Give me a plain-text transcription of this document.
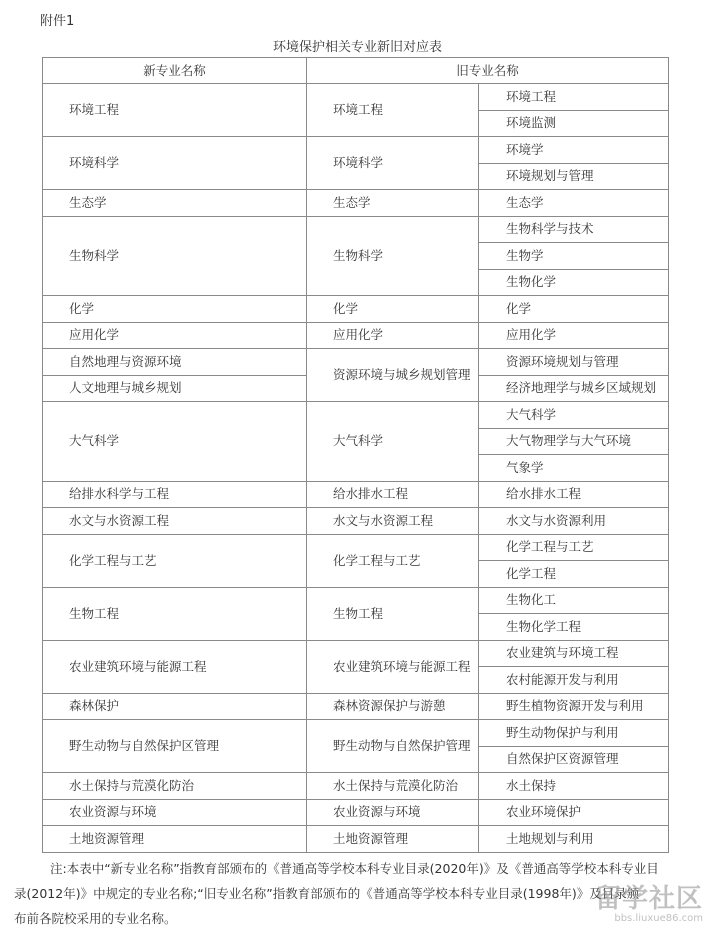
附件1
环境保护相关专业新旧对应表
新专业名称	旧专业名称	
环境工程	环境工程	环境工程
		环境监测
环境科学	环境科学	环境学
		环境规划与管理
生态学	生态学	生态学
生物科学	生物科学	生物科学与技术
		生物学
		生物化学
化学	化学	化学
应用化学	应用化学	应用化学
自然地理与资源环境	资源环境与城乡规划管理	资源环境规划与管理
人文地理与城乡规划		经济地理学与城乡区域规划
大气科学	大气科学	大气科学
		大气物理学与大气环境
		气象学
给排水科学与工程	给水排水工程	给水排水工程
水文与水资源工程	水文与水资源工程	水文与水资源利用
化学工程与工艺	化学工程与工艺	化学工程与工艺
		化学工程
生物工程	生物工程	生物化工
		生物化学工程
农业建筑环境与能源工程	农业建筑环境与能源工程	农业建筑与环境工程
		农村能源开发与利用
森林保护	森林资源保护与游憩	野生植物资源开发与利用
野生动物与自然保护区管理	野生动物与自然保护管理	野生动物保护与利用
		自然保护区资源管理
水土保持与荒漠化防治	水土保持与荒漠化防治	水土保持
农业资源与环境	农业资源与环境	农业环境保护
土地资源管理	土地资源管理	土地规划与利用

注:本表中“新专业名称”指教育部颁布的《普通高等学校本科专业目录(2020年)》及《普通高等学校本科专业目

录(2012年)》中规定的专业名称;“旧专业名称”指教育部颁布的《普通高等学校本科专业目录(1998年)》及目录颁

布前各院校采用的专业名称。

留学社区
bbs.liuxue86.com
